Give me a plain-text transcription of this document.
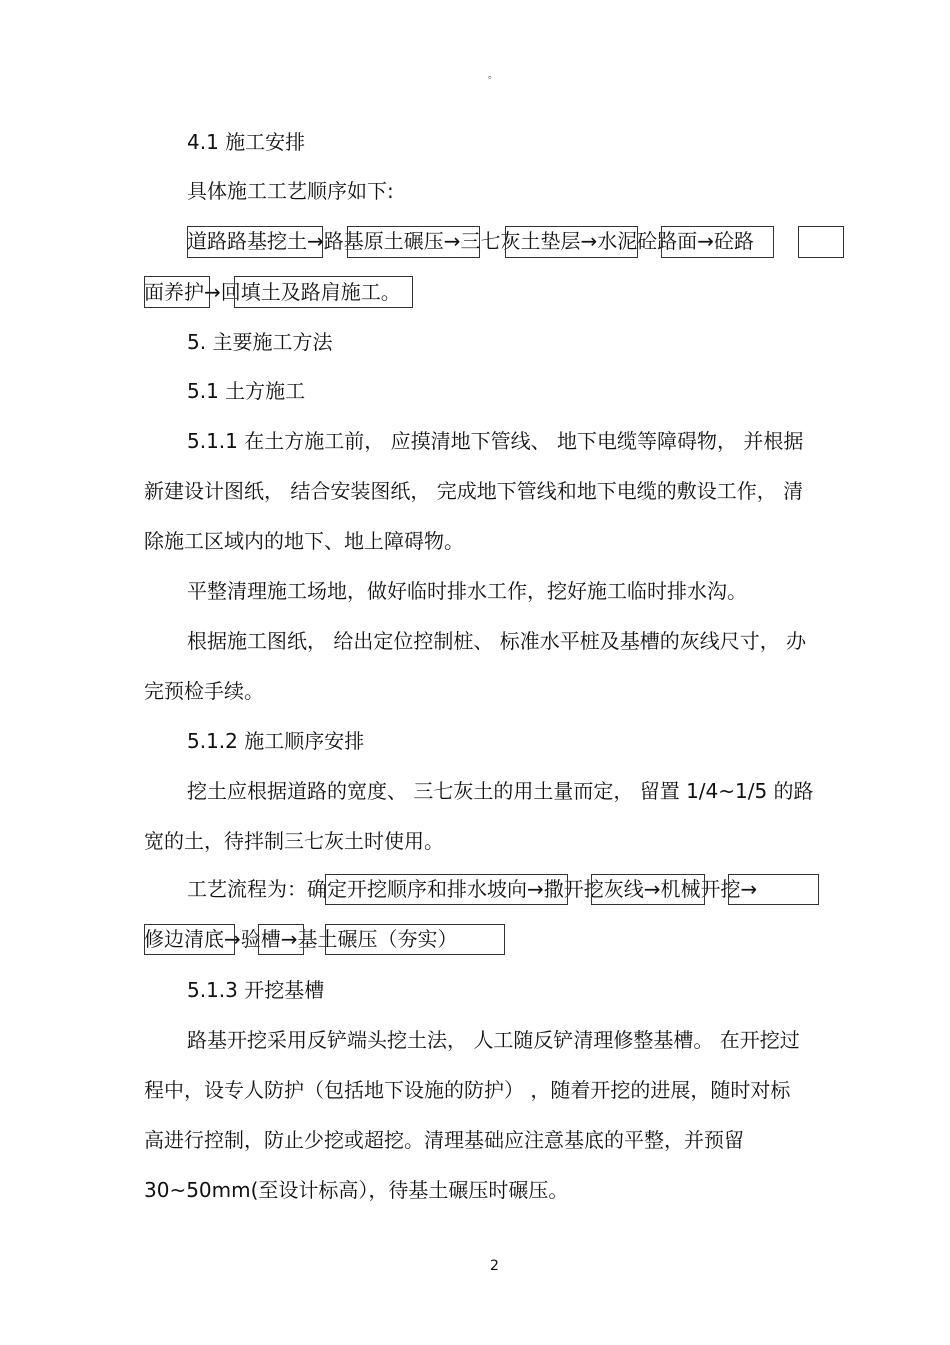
。
4.1 施工安排
具体施工工艺顺序如下:
道路路基挖土→路基原土碾压→三七灰土垫层→水泥砼路面→砼路
面养护→回填土及路肩施工。
5. 主要施工方法
5.1 土方施工
5.1.1 在土方施工前， 应摸清地下管线、 地下电缆等障碍物， 并根据
新建设计图纸， 结合安装图纸， 完成地下管线和地下电缆的敷设工作， 清
除施工区域内的地下、地上障碍物。
平整清理施工场地，做好临时排水工作，挖好施工临时排水沟。
根据施工图纸， 给出定位控制桩、 标准水平桩及基槽的灰线尺寸， 办
完预检手续。
5.1.2 施工顺序安排
挖土应根据道路的宽度、 三七灰土的用土量而定， 留置 1/4~1/5 的路
宽的土，待拌制三七灰土时使用。
工艺流程为：确定开挖顺序和排水坡向→撒开挖灰线→机械开挖→
修边清底→验槽→基土碾压（夯实）
5.1.3 开挖基槽
路基开挖采用反铲端头挖土法， 人工随反铲清理修整基槽。 在开挖过
程中，设专人防护（包括地下设施的防护） ，随着开挖的进展，随时对标
高进行控制，防止少挖或超挖。清理基础应注意基底的平整，并预留
30~50mm(至设计标高），待基土碾压时碾压。
2
